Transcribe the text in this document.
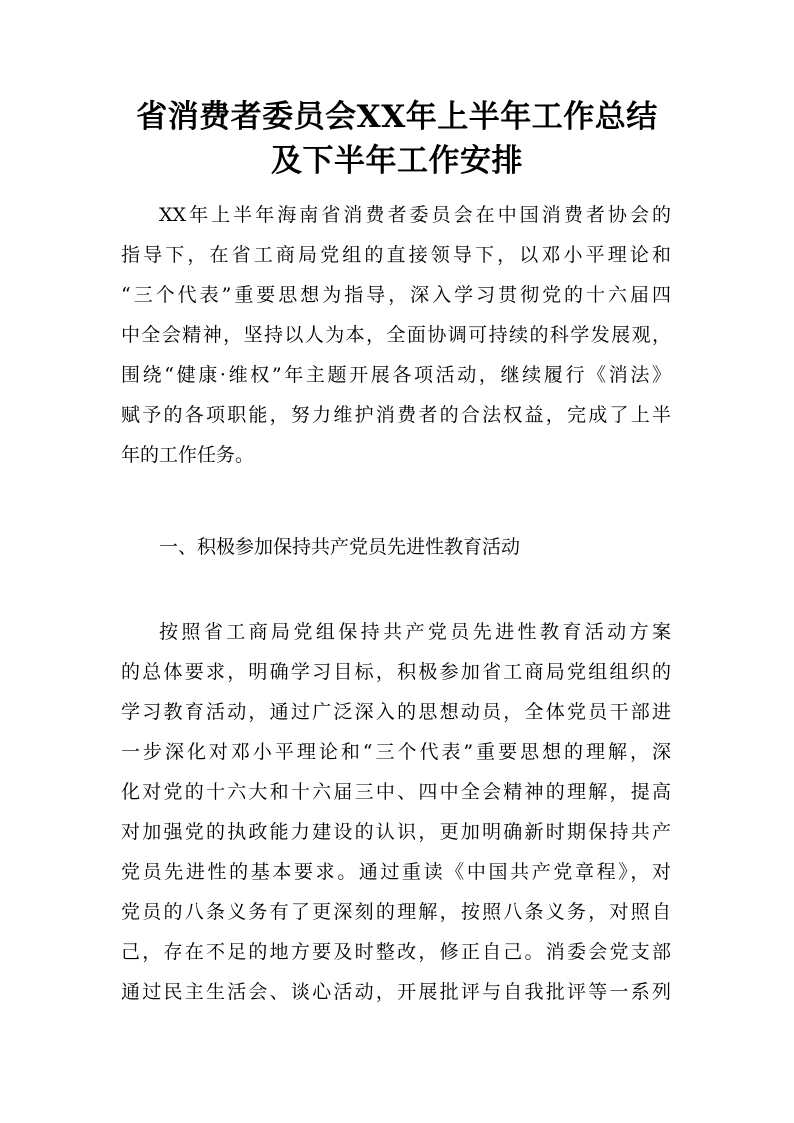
省消费者委员会XX年上半年工作总结
及下半年工作安排
XX年上半年海南省消费者委员会在中国消费者协会的
指导下，在省工商局党组的直接领导下，以邓小平理论和
“三个代表”重要思想为指导，深入学习贯彻党的十六届四
中全会精神，坚持以人为本，全面协调可持续的科学发展观，
围绕“健康·维权”年主题开展各项活动，继续履行《消法》
赋予的各项职能，努力维护消费者的合法权益，完成了上半
年的工作任务。
一、积极参加保持共产党员先进性教育活动
按照省工商局党组保持共产党员先进性教育活动方案
的总体要求，明确学习目标，积极参加省工商局党组组织的
学习教育活动，通过广泛深入的思想动员，全体党员干部进
一步深化对邓小平理论和“三个代表”重要思想的理解，深
化对党的十六大和十六届三中、四中全会精神的理解，提高
对加强党的执政能力建设的认识，更加明确新时期保持共产
党员先进性的基本要求。通过重读《中国共产党章程》，对
党员的八条义务有了更深刻的理解，按照八条义务，对照自
己，存在不足的地方要及时整改，修正自己。消委会党支部
通过民主生活会、谈心活动，开展批评与自我批评等一系列
